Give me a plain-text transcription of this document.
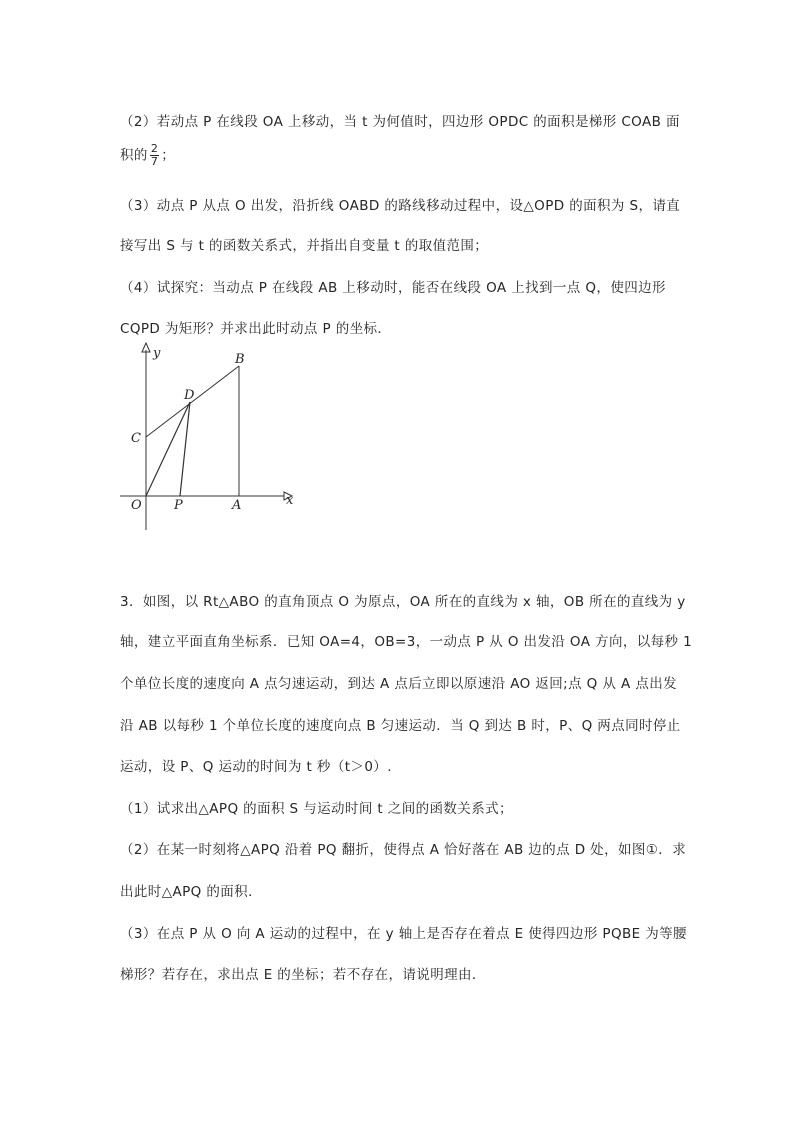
（2）若动点 P 在线段 OA 上移动，当 t 为何值时，四边形 OPDC 的面积是梯形 COAB 面
积的 $\frac{2}{7}$ ；
（3）动点 P 从点 O 出发，沿折线 OABD 的路线移动过程中，设△OPD 的面积为 S，请直
接写出 S 与 t 的函数关系式，并指出自变量 t 的取值范围；
（4）试探究：当动点 P 在线段 AB 上移动时，能否在线段 OA 上找到一点 Q，使四边形
CQPD 为矩形？并求出此时动点 P 的坐标．
x
y	B
D
C
O P	A
3．如图，以 Rt△ABO 的直角顶点 O 为原点，OA 所在的直线为 x 轴，OB 所在的直线为 y
轴，建立平面直角坐标系．已知 OA=4，OB=3，一动点 P 从 O 出发沿 OA 方向，以每秒 1
个单位长度的速度向 A 点匀速运动，到达 A 点后立即以原速沿 AO 返回;点 Q 从 A 点出发
沿 AB 以每秒 1 个单位长度的速度向点 B 匀速运动．当 Q 到达 B 时，P、Q 两点同时停止
运动，设 P、Q 运动的时间为 t 秒（t＞0）.
（1）试求出△APQ 的面积 S 与运动时间 t 之间的函数关系式；
（2）在某一时刻将△APQ 沿着 PQ 翻折，使得点 A 恰好落在 AB 边的点 D 处，如图①．求
出此时△APQ 的面积．
（3）在点 P 从 O 向 A 运动的过程中，在 y 轴上是否存在着点 E 使得四边形 PQBE 为等腰
梯形？若存在，求出点 E 的坐标；若不存在，请说明理由．
